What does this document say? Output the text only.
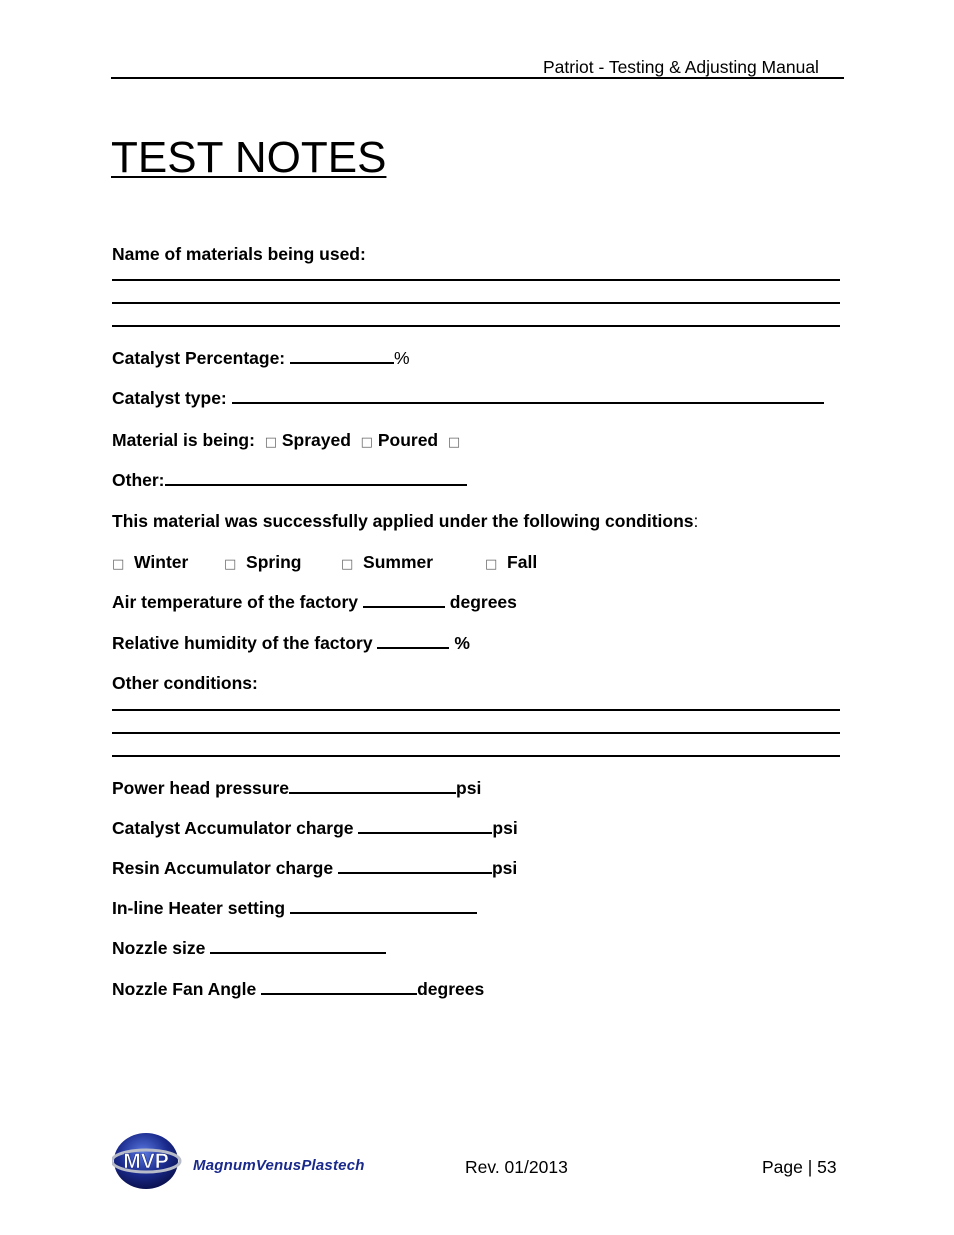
Patriot - Testing & Adjusting Manual
TEST NOTES
Name of materials being used:
Catalyst Percentage:	%
Catalyst type:
Material is being: □ Sprayed □ Poured □
Other:
This material was successfully applied under the following conditions:
□ Winter	□ Spring	□ Summer	□ Fall
Air temperature of the factory	degrees
Relative humidity of the factory	%
Other conditions:
Power head pressure	psi
Catalyst Accumulator charge	psi
Resin Accumulator charge	psi
In-line Heater setting
Nozzle size
Nozzle Fan Angle	degrees
MVP MagnumVenusPlastech	Rev. 01/2013	Page | 53
